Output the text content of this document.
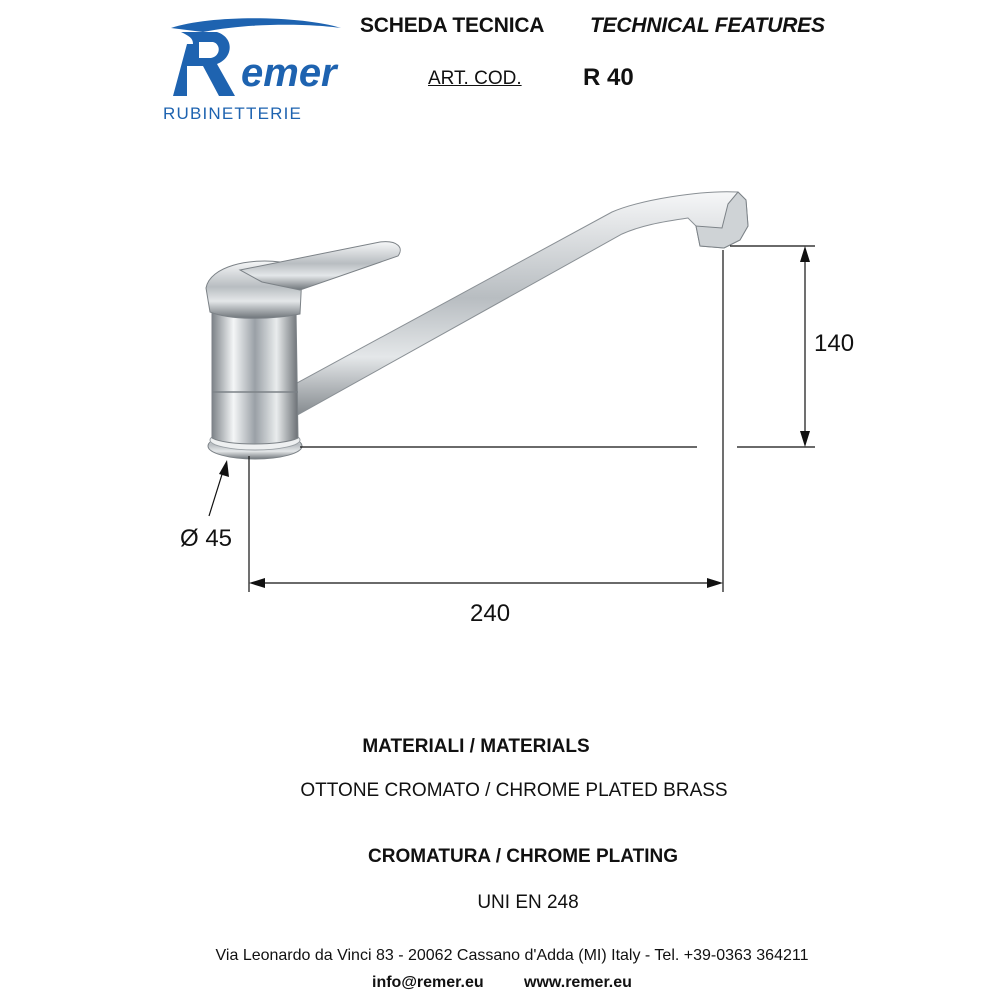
emer
RUBINETTERIE
SCHEDA TECNICA TECHNICAL FEATURES
ART. COD.	R 40
140
240
Ø 45
MATERIALI / MATERIALS
OTTONE CROMATO / CHROME PLATED BRASS
CROMATURA / CHROME PLATING
UNI EN 248
Via Leonardo da Vinci 83 - 20062 Cassano d'Adda (MI) Italy - Tel. +39-0363 364211
info@remer.eu	www.remer.eu
